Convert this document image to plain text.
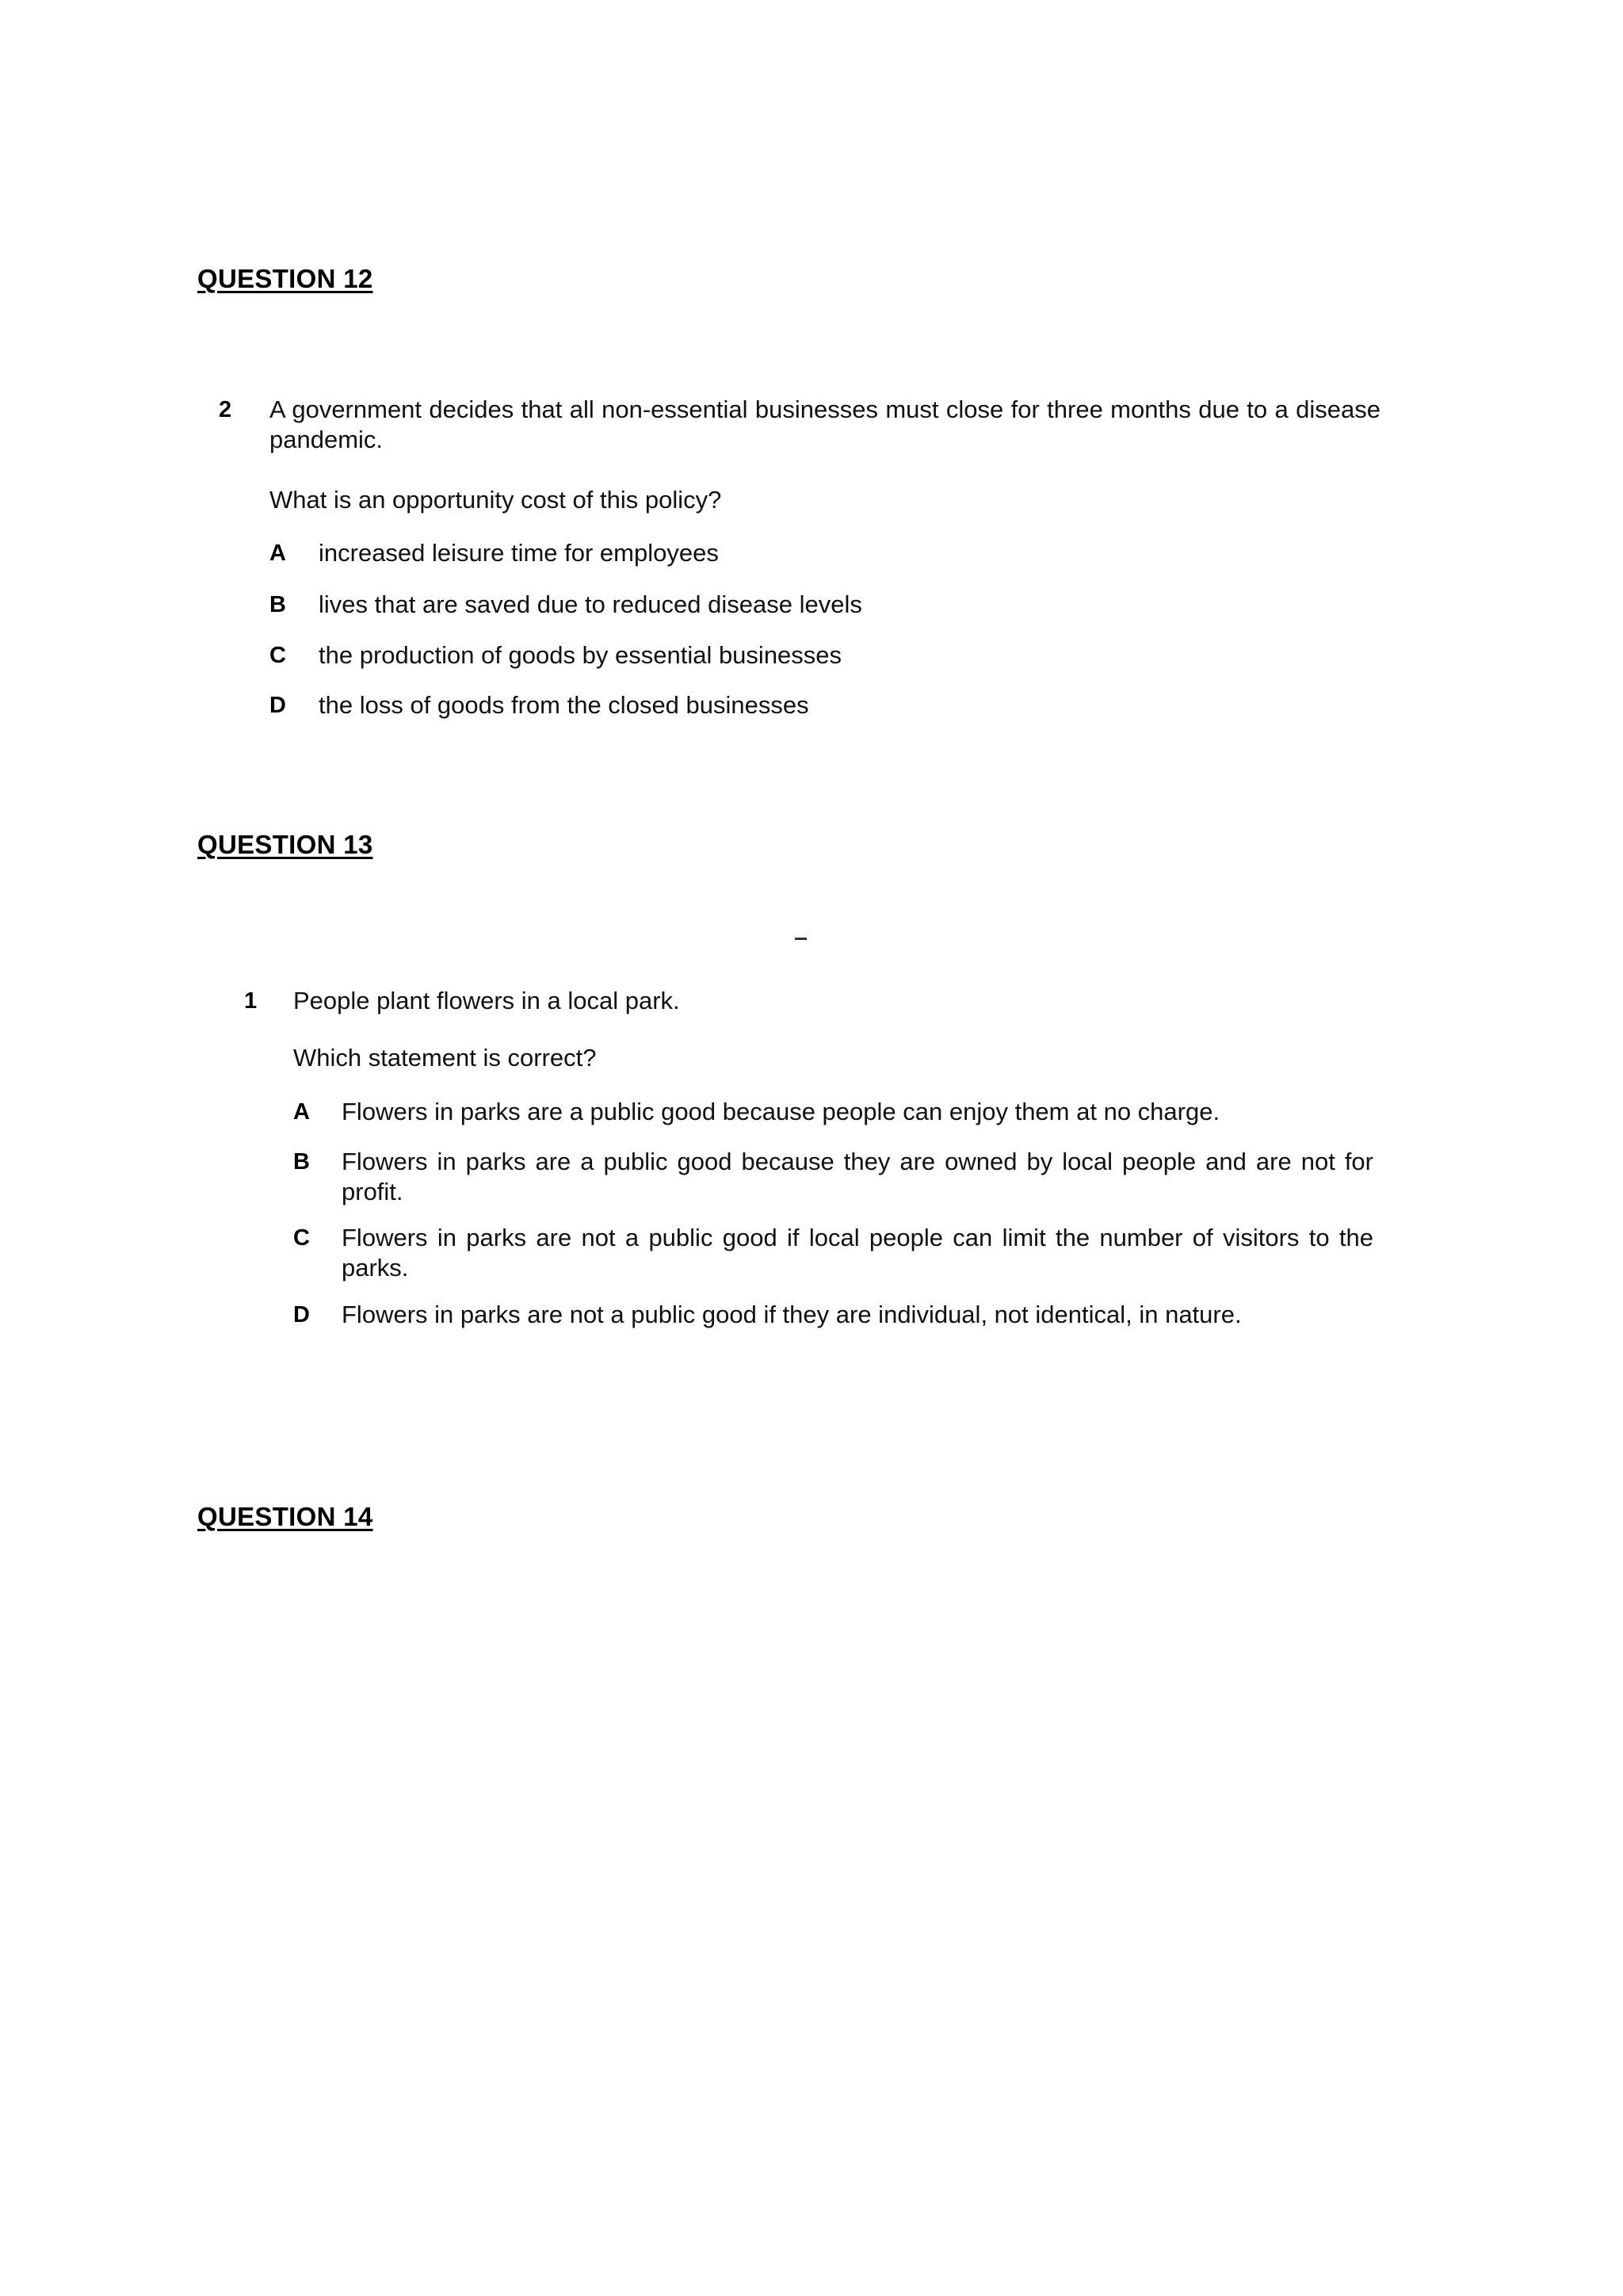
QUESTION 12
2 A government decides that all non-essential businesses must close for three months due to a disease pandemic.

What is an opportunity cost of this policy?

A increased leisure time for employees

B lives that are saved due to reduced disease levels

C the production of goods by essential businesses

D the loss of goods from the closed businesses

QUESTION 13
1 People plant flowers in a local park.

Which statement is correct?

A Flowers in parks are a public good because people can enjoy them at no charge.

B Flowers in parks are a public good because they are owned by local people and are not for profit.

C Flowers in parks are not a public good if local people can limit the number of visitors to the parks.

D Flowers in parks are not a public good if they are individual, not identical, in nature.

QUESTION 14
